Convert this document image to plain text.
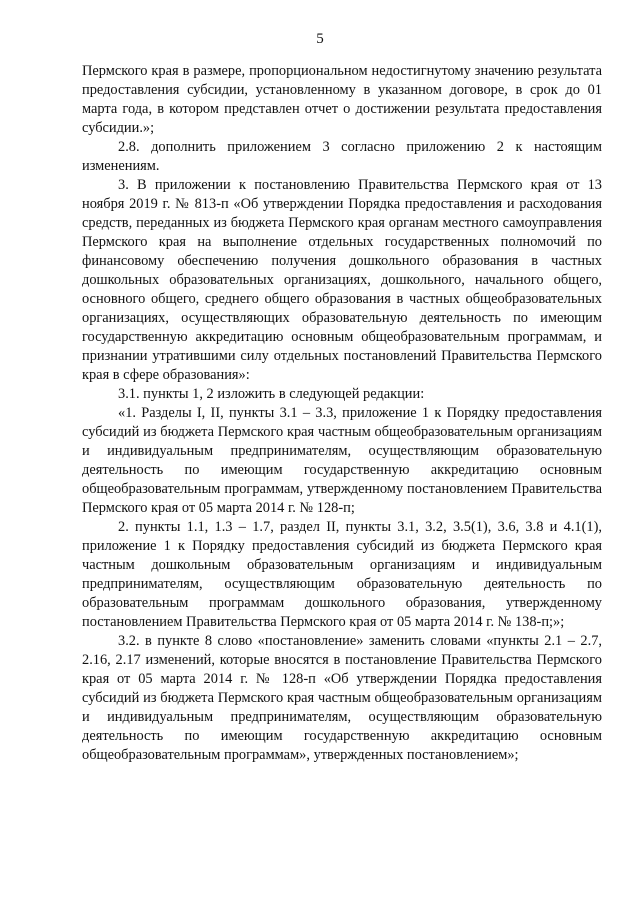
5

Пермского края в размере, пропорциональном недостигнутому значению результата предоставления субсидии, установленному в указанном договоре, в срок до 01 марта года, в котором представлен отчет о достижении результата предоставления субсидии.»;

2.8. дополнить приложением 3 согласно приложению 2 к настоящим изменениям.

3. В приложении к постановлению Правительства Пермского края от 13 ноября 2019 г. № 813-п «Об утверждении Порядка предоставления и расходования средств, переданных из бюджета Пермского края органам местного самоуправления Пермского края на выполнение отдельных государственных полномочий по финансовому обеспечению получения дошкольного образования в частных дошкольных образовательных организациях, дошкольного, начального общего, основного общего, среднего общего образования в частных общеобразовательных организациях, осуществляющих образовательную деятельность по имеющим государственную аккредитацию основным общеобразовательным программам, и признании утратившими силу отдельных постановлений Правительства Пермского края в сфере образования»:

3.1. пункты 1, 2 изложить в следующей редакции:

«1. Разделы I, II, пункты 3.1 – 3.3, приложение 1 к Порядку предоставления субсидий из бюджета Пермского края частным общеобразовательным организациям и индивидуальным предпринимателям, осуществляющим образовательную деятельность по имеющим государственную аккредитацию основным общеобразовательным программам, утвержденному постановлением Правительства Пермского края от 05 марта 2014 г. № 128-п;

2. пункты 1.1, 1.3 – 1.7, раздел II, пункты 3.1, 3.2, 3.5(1), 3.6, 3.8 и 4.1(1), приложение 1 к Порядку предоставления субсидий из бюджета Пермского края частным дошкольным образовательным организациям и индивидуальным предпринимателям, осуществляющим образовательную деятельность по образовательным программам дошкольного образования, утвержденному постановлением Правительства Пермского края от 05 марта 2014 г. № 138-п;»;

3.2. в пункте 8 слово «постановление» заменить словами «пункты 2.1 – 2.7, 2.16, 2.17 изменений, которые вносятся в постановление Правительства Пермского края от 05 марта 2014 г. № 128-п «Об утверждении Порядка предоставления субсидий из бюджета Пермского края частным общеобразовательным организациям и индивидуальным предпринимателям, осуществляющим образовательную деятельность по имеющим государственную аккредитацию основным общеобразовательным программам», утвержденных постановлением»;
